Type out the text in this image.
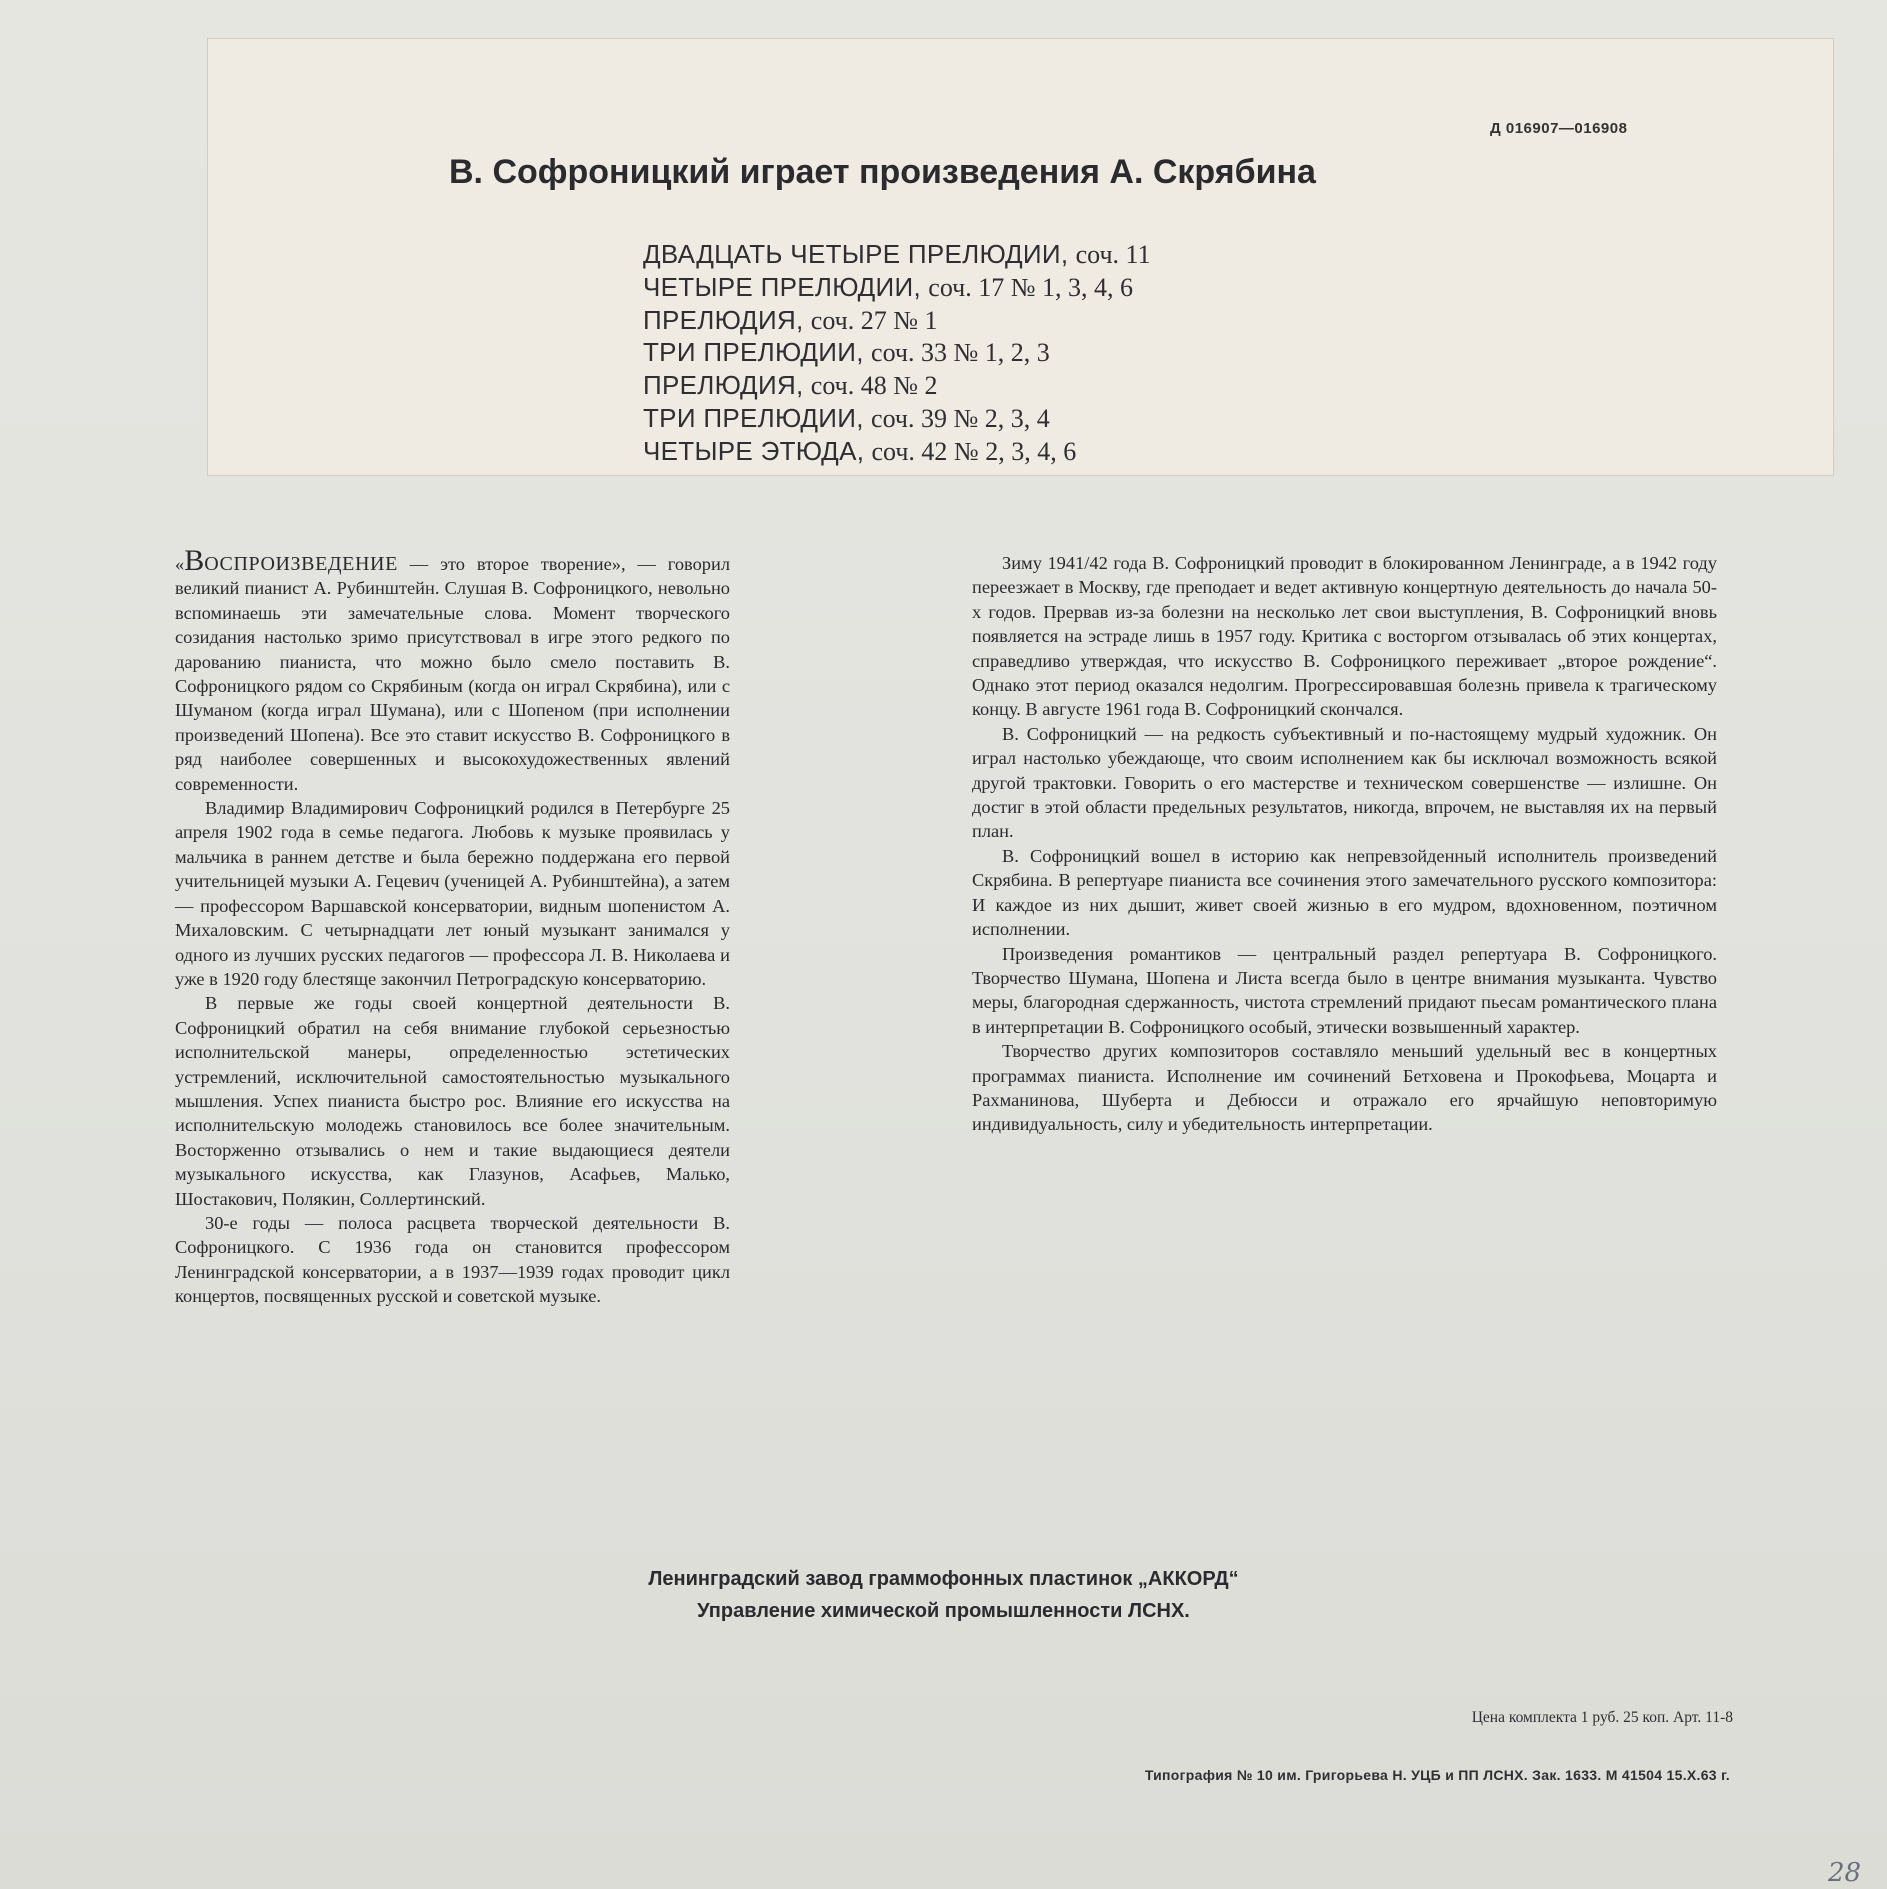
Д 016907—016908
В. Софроницкий играет произведения А. Скрябина
ДВАДЦАТЬ ЧЕТЫРЕ ПРЕЛЮДИИ, соч. 11
ЧЕТЫРЕ ПРЕЛЮДИИ, соч. 17 № 1, 3, 4, 6
ПРЕЛЮДИЯ, соч. 27 № 1
ТРИ ПРЕЛЮДИИ, соч. 33 № 1, 2, 3
ПРЕЛЮДИЯ, соч. 48 № 2
ТРИ ПРЕЛЮДИИ, соч. 39 № 2, 3, 4
ЧЕТЫРЕ ЭТЮДА, соч. 42 № 2, 3, 4, 6

«ВОСПРОИЗВЕДЕНИЕ — это второе творение», — говорил великий пианист А. Рубинштейн. Слушая В. Софроницкого, невольно вспоминаешь эти замечательные слова. Момент творческого созидания настолько зримо присутствовал в игре этого редкого по дарованию пианиста, что можно было смело поставить В. Софроницкого рядом со Скрябиным (когда он играл Скрябина), или с Шуманом (когда играл Шумана), или с Шопеном (при исполнении произведений Шопена). Все это ставит искусство В. Софроницкого в ряд наиболее совершенных и высокохудожественных явлений современности.

Владимир Владимирович Софроницкий родился в Петербурге 25 апреля 1902 года в семье педагога. Любовь к музыке проявилась у мальчика в раннем детстве и была бережно поддержана его первой учительницей музыки А. Гецевич (ученицей А. Рубинштейна), а затем — профессором Варшавской консерватории, видным шопенистом А. Михаловским. С четырнадцати лет юный музыкант занимался у одного из лучших русских педагогов — профессора Л. В. Николаева и уже в 1920 году блестяще закончил Петроградскую консерваторию.

В первые же годы своей концертной деятельности В. Софроницкий обратил на себя внимание глубокой серьезностью исполнительской манеры, определенностью эстетических устремлений, исключительной самостоятельностью музыкального мышления. Успех пианиста быстро рос. Влияние его искусства на исполнительскую молодежь становилось все более значительным. Восторженно отзывались о нем и такие выдающиеся деятели музыкального искусства, как Глазунов, Асафьев, Малько, Шостакович, Полякин, Соллертинский.

30-е годы — полоса расцвета творческой деятельности В. Софроницкого. С 1936 года он становится профессором Ленинградской консерватории, а в 1937—1939 годах проводит цикл концертов, посвященных русской и советской музыке.

Зиму 1941/42 года В. Софроницкий проводит в блокированном Ленинграде, а в 1942 году переезжает в Москву, где преподает и ведет активную концертную деятельность до начала 50-х годов. Прервав из-за болезни на несколько лет свои выступления, В. Софроницкий вновь появляется на эстраде лишь в 1957 году. Критика с восторгом отзывалась об этих концертах, справедливо утверждая, что искусство В. Софроницкого переживает „второе рождение“. Однако этот период оказался недолгим. Прогрессировавшая болезнь привела к трагическому концу. В августе 1961 года В. Софроницкий скончался.

В. Софроницкий — на редкость субъективный и по-настоящему мудрый художник. Он играл настолько убеждающе, что своим исполнением как бы исключал возможность всякой другой трактовки. Говорить о его мастерстве и техническом совершенстве — излишне. Он достиг в этой области предельных результатов, никогда, впрочем, не выставляя их на первый план.

В. Софроницкий вошел в историю как непревзойденный исполнитель произведений Скрябина. В репертуаре пианиста все сочинения этого замечательного русского композитора: И каждое из них дышит, живет своей жизнью в его мудром, вдохновенном, поэтичном исполнении.

Произведения романтиков — центральный раздел репертуара В. Софроницкого. Творчество Шумана, Шопена и Листа всегда было в центре внимания музыканта. Чувство меры, благородная сдержанность, чистота стремлений придают пьесам романтического плана в интерпретации В. Софроницкого особый, этически возвышенный характер.

Творчество других композиторов составляло меньший удельный вес в концертных программах пианиста. Исполнение им сочинений Бетховена и Прокофьева, Моцарта и Рахманинова, Шуберта и Дебюсси и отражало его ярчайшую неповторимую индивидуальность, силу и убедительность интерпретации.

Ленинградский завод граммофонных пластинок „АККОРД“
Управление химической промышленности ЛСНХ.
Цена комплекта 1 руб. 25 коп. Арт. 11-8
Типография № 10 им. Григорьева Н. УЦБ и ПП ЛСНХ. Зак. 1633. М 41504 15.X.63 г.
28
